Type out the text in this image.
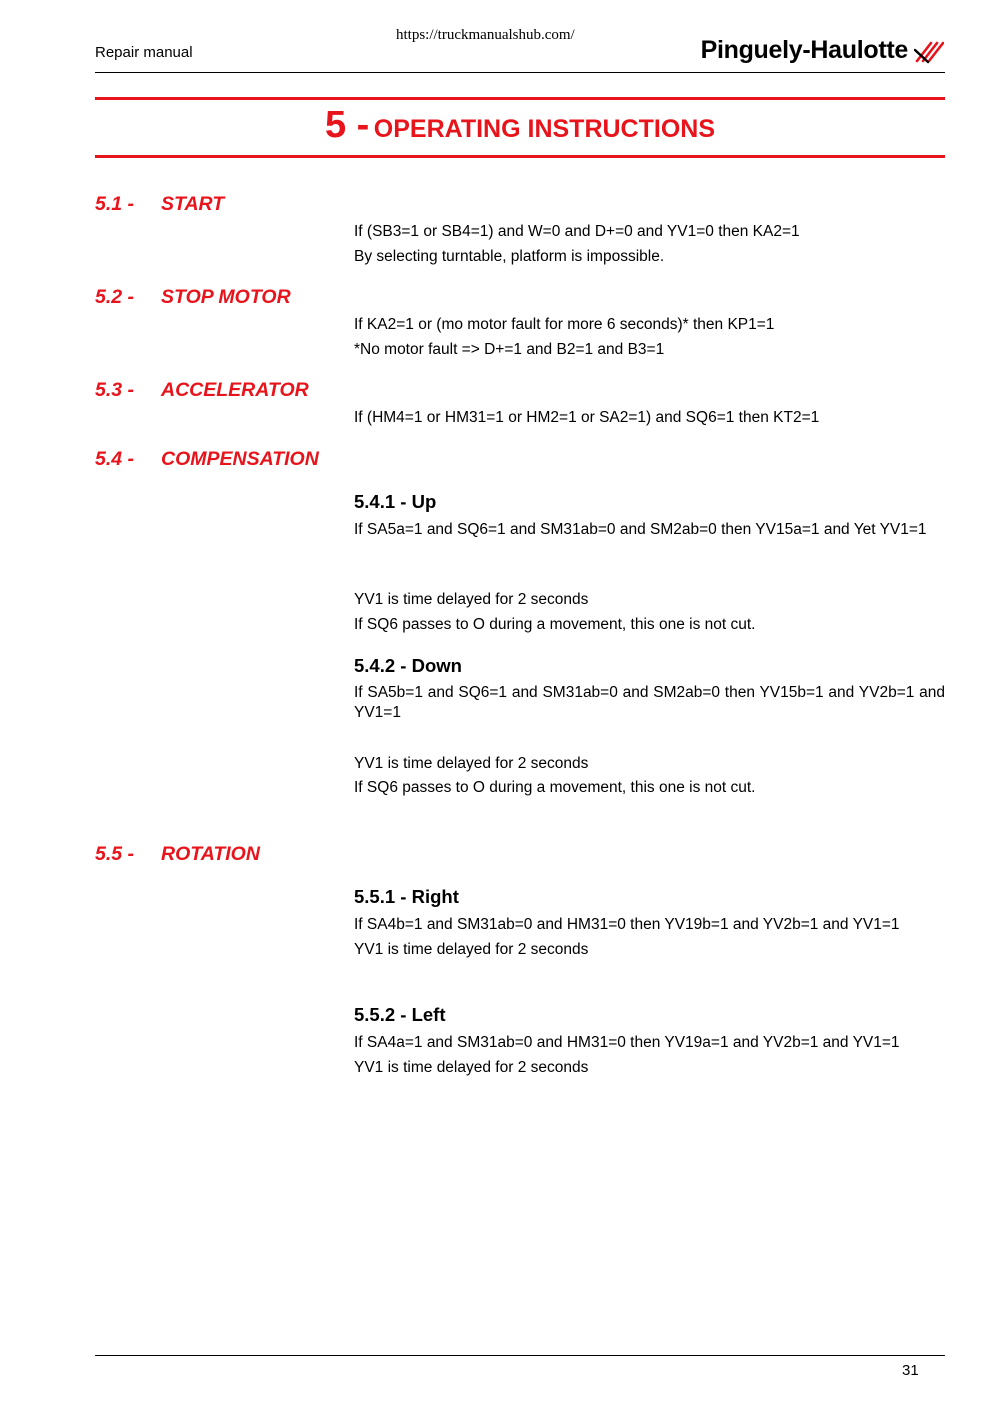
https://truckmanualshub.com/
Repair manual	Pinguely-Haulotte
5 - OPERATING INSTRUCTIONS
5.1 - START
If (SB3=1 or SB4=1) and W=0 and D+=0 and YV1=0 then KA2=1
By selecting turntable, platform is impossible.
5.2 - STOP MOTOR
If KA2=1 or (mo motor fault for more 6 seconds)* then KP1=1
*No motor fault => D+=1 and B2=1 and B3=1
5.3 - ACCELERATOR
If (HM4=1 or HM31=1 or HM2=1 or SA2=1) and SQ6=1 then KT2=1
5.4 - COMPENSATION
5.4.1 - Up
If SA5a=1 and SQ6=1 and SM31ab=0 and SM2ab=0 then YV15a=1 and Yet YV1=1
YV1 is time delayed for 2 seconds
If SQ6 passes to O during a movement, this one is not cut.
5.4.2 - Down
If SA5b=1 and SQ6=1 and SM31ab=0 and SM2ab=0 then YV15b=1 and YV2b=1 and YV1=1
YV1 is time delayed for 2 seconds
If SQ6 passes to O during a movement, this one is not cut.
5.5 - ROTATION
5.5.1 - Right
If SA4b=1 and SM31ab=0 and HM31=0 then YV19b=1 and YV2b=1 and YV1=1
YV1 is time delayed for 2 seconds
5.5.2 - Left
If SA4a=1 and SM31ab=0 and HM31=0 then YV19a=1 and YV2b=1 and YV1=1
YV1 is time delayed for 2 seconds
31
